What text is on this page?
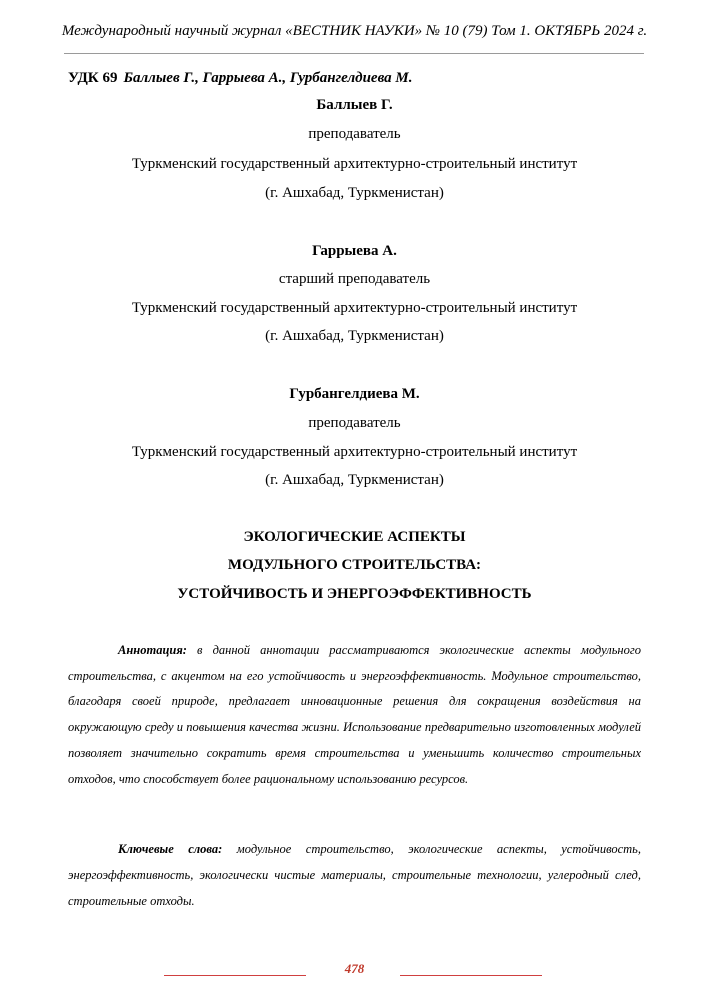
Международный научный журнал «ВЕСТНИК НАУКИ» № 10 (79) Том 1. ОКТЯБРЬ 2024 г.
УДК 69 Баллыев Г., Гаррыева А., Гурбангелдиева М.
Баллыев Г.
преподаватель
Туркменский государственный архитектурно-строительный институт
(г. Ашхабад, Туркменистан)
Гаррыева А.
старший преподаватель
Туркменский государственный архитектурно-строительный институт
(г. Ашхабад, Туркменистан)
Гурбангелдиева М.
преподаватель
Туркменский государственный архитектурно-строительный институт
(г. Ашхабад, Туркменистан)
ЭКОЛОГИЧЕСКИЕ АСПЕКТЫ
МОДУЛЬНОГО СТРОИТЕЛЬСТВА:
УСТОЙЧИВОСТЬ И ЭНЕРГОЭФФЕКТИВНОСТЬ
Аннотация: в данной аннотации рассматриваются экологические аспекты модульного строительства, с акцентом на его устойчивость и энергоэффективность. Модульное строительство, благодаря своей природе, предлагает инновационные решения для сокращения воздействия на окружающую среду и повышения качества жизни. Использование предварительно изготовленных модулей позволяет значительно сократить время строительства и уменьшить количество строительных отходов, что способствует более рациональному использованию ресурсов.
Ключевые слова: модульное строительство, экологические аспекты, устойчивость, энергоэффективность, экологически чистые материалы, строительные технологии, углеродный след, строительные отходы.
478
